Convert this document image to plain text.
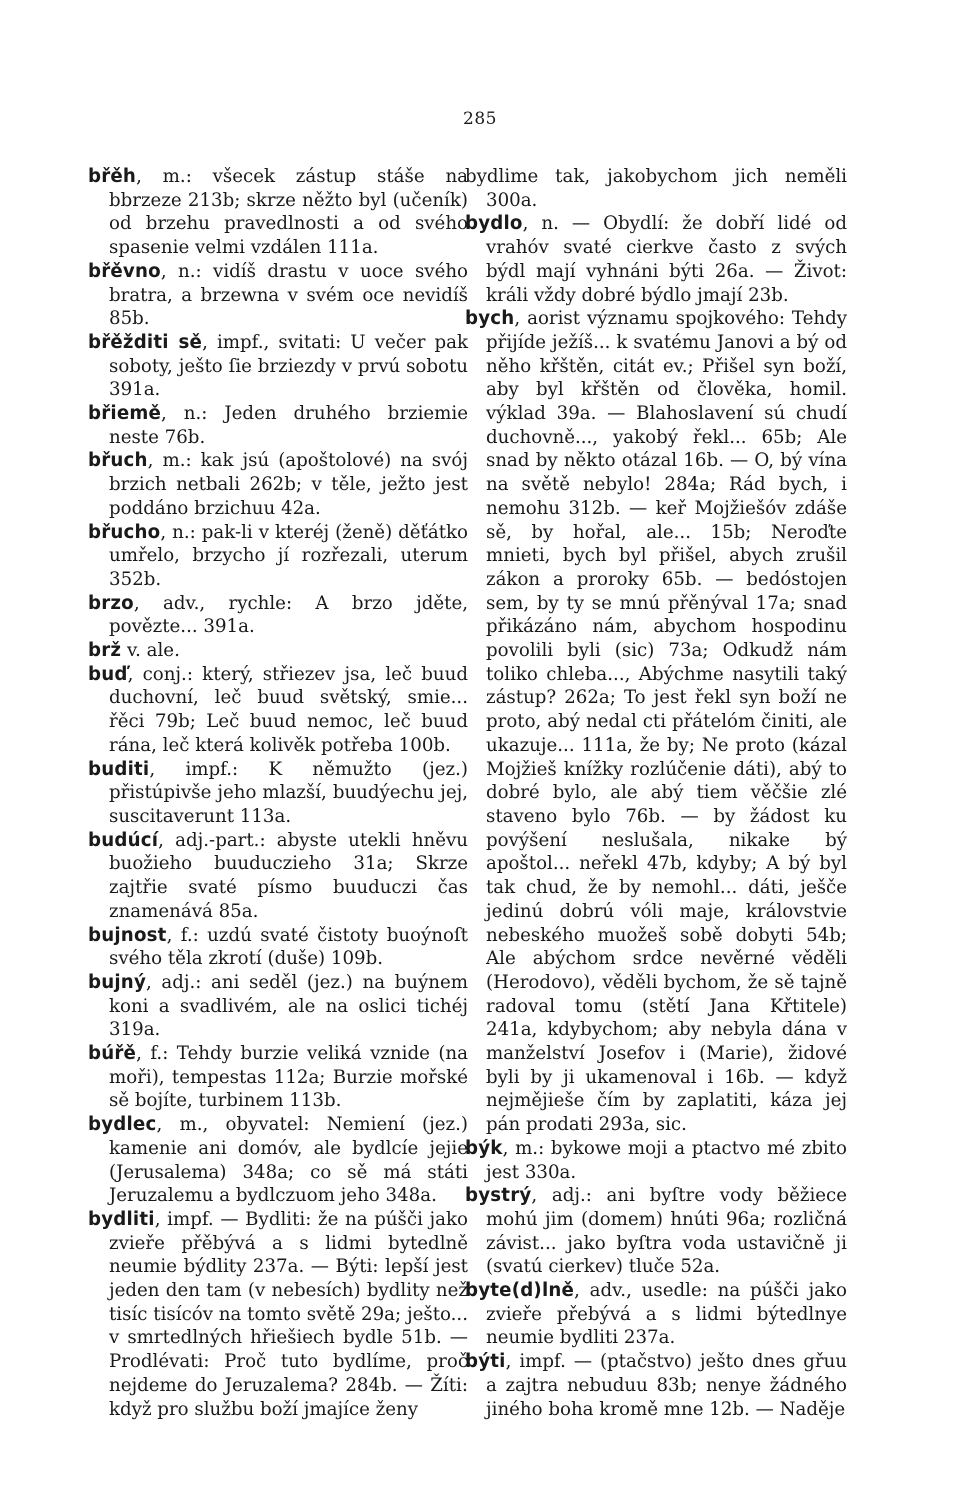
285

břěh, m.: všecek zástup stáše na bbrzeze 213b; skrze něžto byl (učeník) od brzehu pravedlnosti a od svého spasenie velmi vzdálen 111a.

břěvno, n.: vidíš drastu v uoce svého bratra, a brzewna v svém oce nevidíš 85b.

břěžditi sě, impf., svitati: U večer pak soboty, ješto ſie brziezdy v prvú sobotu 391a.

břiemě, n.: Jeden druhého brziemie neste 76b.

břuch, m.: kak jsú (apoštolové) na svój brzich netbali 262b; v těle, ježto jest poddáno brzichuu 42a.

břucho, n.: pak-li v kteréj (ženě) děťátko umřelo, brzycho jí rozřezali, uterum 352b.

brzo, adv., rychle: A brzo jděte, povězte... 391a.

brž v. ale.

buď, conj.: který, střiezev jsa, leč buud duchovní, leč buud světský, smie... řěci 79b; Leč buud nemoc, leč buud rána, leč která kolivěk potřeba 100b.

buditi, impf.: K němužto (jez.) přistúpivše jeho mlazší, buudýechu jej, suscitaverunt 113a.

budúcí, adj.-part.: abyste utekli hněvu buožieho buuduczieho 31a; Skrze zajtřie svaté písmo buuduczi čas znamenává 85a.

bujnost, f.: uzdú svaté čistoty buoýnoſt svého těla zkrotí (duše) 109b.

bujný, adj.: ani seděl (jez.) na buýnem koni a svadlivém, ale na oslici tichéj 319a.

búřě, f.: Tehdy burzie veliká vznide (na moři), tempestas 112a; Burzie mořské sě bojíte, turbinem 113b.

bydlec, m., obyvatel: Nemiení (jez.) kamenie ani domóv, ale bydlcíe jejie (Jerusalema) 348a; co sě má státi Jeruzalemu a bydlczuom jeho 348a.

bydliti, impf. — Bydliti: že na púšči jako zvieře přěbývá a s lidmi bytedlně neumie býdlity 237a. — Býti: lepší jest jeden den tam (v nebesích) bydlity než tisíc tisícóv na tomto světě 29a; ješto... v smrtedlných hřiešiech bydle 51b. — Prodlévati: Proč tuto bydlíme, proč nejdeme do Jeruzalema? 284b. — Žíti: když pro službu boží jmajíce ženy

bydlime tak, jakobychom jich neměli 300a.

bydlo, n. — Obydlí: že dobří lidé od vrahóv svaté cierkve často z svých býdl mají vyhnáni býti 26a. — Život: králi vždy dobré býdlo jmají 23b.

bych, aorist významu spojkového: Tehdy přijíde ježíš... k svatému Janovi a bý od něho křštěn, citát ev.; Přišel syn boží, aby byl křštěn od člověka, homil. výklad 39a. — Blahoslavení sú chudí duchovně..., yakobý řekl... 65b; Ale snad by někto otázal 16b. — O, bý vína na světě nebylo! 284a; Rád bych, i nemohu 312b. — keř Mojžiešóv zdáše sě, by hořal, ale... 15b; Neroďte mnieti, bych byl přišel, abych zrušil zákon a proroky 65b. — bedóstojen sem, by ty se mnú přěnýval 17a; snad přikázáno nám, abychom hospodinu povolili byli (sic) 73a; Odkudž nám toliko chleba..., Abýchme nasytili taký zástup? 262a; To jest řekl syn boží ne proto, abý nedal cti přátelóm činiti, ale ukazuje... 111a, že by; Ne proto (kázal Mojžieš knížky rozlúčenie dáti), abý to dobré bylo, ale abý tiem věčšie zlé staveno bylo 76b. — by žádost ku povýšení neslušala, nikake bý apoštol... neřekl 47b, kdyby; A bý byl tak chud, že by nemohl... dáti, ješče jedinú dobrú vóli maje, královstvie nebeského muožeš sobě dobyti 54b; Ale abýchom srdce nevěrné věděli (Herodovo), věděli bychom, že sě tajně radoval tomu (stětí Jana Křtitele) 241a, kdybychom; aby nebyla dána v manželství Josefov i (Marie), židové byli by ji ukamenoval i 16b. — když nejmějieše čím by zaplatiti, káza jej pán prodati 293a, sic.

býk, m.: bykowe moji a ptactvo mé zbito jest 330a.

bystrý, adj.: ani byſtre vody běžiece mohú jim (domem) hnúti 96a; rozličná závist... jako byſtra voda ustavičně ji (svatú cierkev) tluče 52a.

byte(d)lně, adv., usedle: na púšči jako zvieře přebývá a s lidmi býtedlnye neumie bydliti 237a.

býti, impf. — (ptačstvo) ješto dnes gřuu a zajtra nebuduu 83b; nenye žádného jiného boha kromě mne 12b. — Naděje
